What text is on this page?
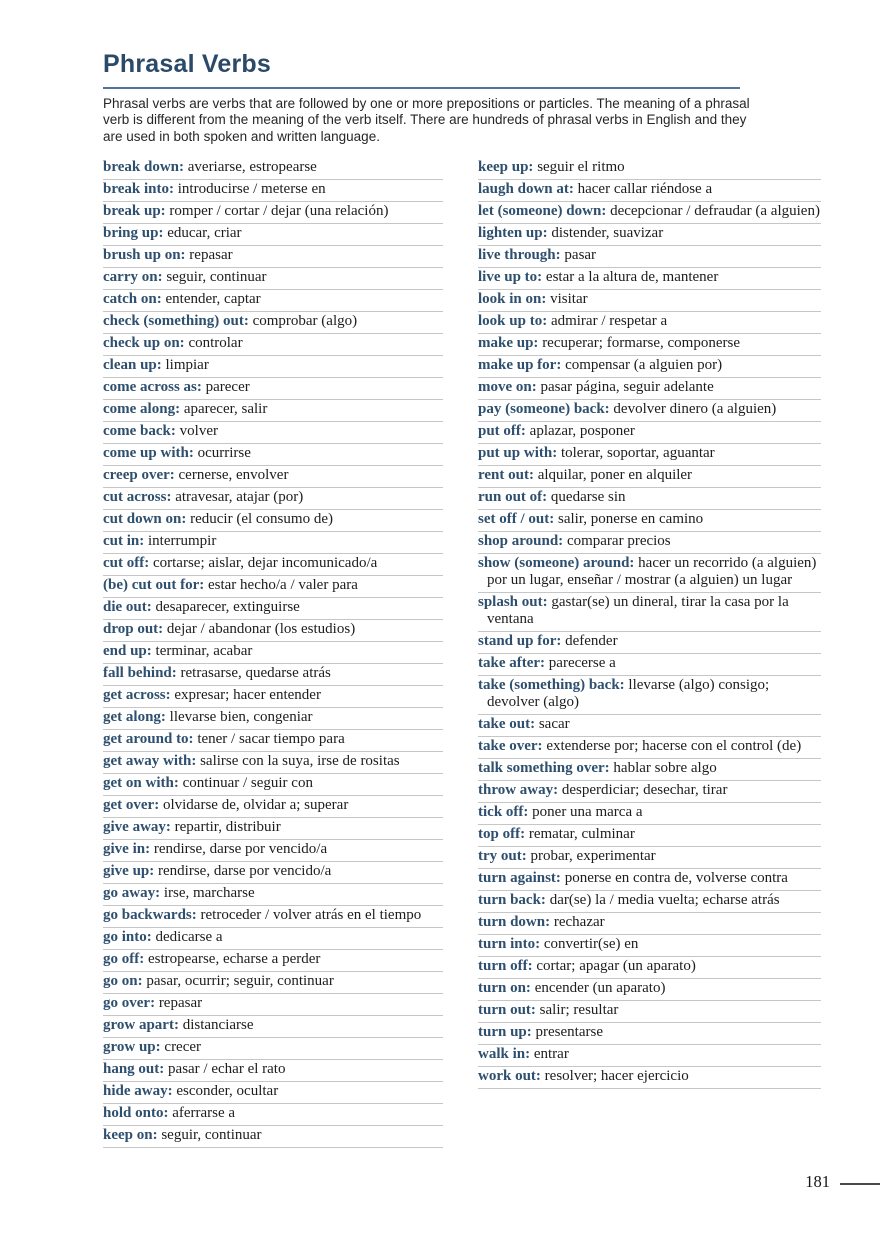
Phrasal Verbs

Phrasal verbs are verbs that are followed by one or more prepositions or particles. The meaning of a phrasal verb is different from the meaning of the verb itself. There are hundreds of phrasal verbs in English and they are used in both spoken and written language.

break down: averiarse, estropearse
break into: introducirse / meterse en
break up: romper / cortar / dejar (una relación)
bring up: educar, criar
brush up on: repasar
carry on: seguir, continuar
catch on: entender, captar
check (something) out: comprobar (algo)
check up on: controlar
clean up: limpiar
come across as: parecer
come along: aparecer, salir
come back: volver
come up with: ocurrirse
creep over: cernerse, envolver
cut across: atravesar, atajar (por)
cut down on: reducir (el consumo de)
cut in: interrumpir
cut off: cortarse; aislar, dejar incomunicado/a
(be) cut out for: estar hecho/a / valer para
die out: desaparecer, extinguirse
drop out: dejar / abandonar (los estudios)
end up: terminar, acabar
fall behind: retrasarse, quedarse atrás
get across: expresar; hacer entender
get along: llevarse bien, congeniar
get around to: tener / sacar tiempo para
get away with: salirse con la suya, irse de rositas
get on with: continuar / seguir con
get over: olvidarse de, olvidar a; superar
give away: repartir, distribuir
give in: rendirse, darse por vencido/a
give up: rendirse, darse por vencido/a
go away: irse, marcharse
go backwards: retroceder / volver atrás en el tiempo
go into: dedicarse a
go off: estropearse, echarse a perder
go on: pasar, ocurrir; seguir, continuar
go over: repasar
grow apart: distanciarse
grow up: crecer
hang out: pasar / echar el rato
hide away: esconder, ocultar
hold onto: aferrarse a
keep on: seguir, continuar
keep up: seguir el ritmo
laugh down at: hacer callar riéndose a
let (someone) down: decepcionar / defraudar (a alguien)
lighten up: distender, suavizar
live through: pasar
live up to: estar a la altura de, mantener
look in on: visitar
look up to: admirar / respetar a
make up: recuperar; formarse, componerse
make up for: compensar (a alguien por)
move on: pasar página, seguir adelante
pay (someone) back: devolver dinero (a alguien)
put off: aplazar, posponer
put up with: tolerar, soportar, aguantar
rent out: alquilar, poner en alquiler
run out of: quedarse sin
set off / out: salir, ponerse en camino
shop around: comparar precios
show (someone) around: hacer un recorrido (a alguien) por un lugar, enseñar / mostrar (a alguien) un lugar
splash out: gastar(se) un dineral, tirar la casa por la ventana
stand up for: defender
take after: parecerse a
take (something) back: llevarse (algo) consigo; devolver (algo)
take out: sacar
take over: extenderse por; hacerse con el control (de)
talk something over: hablar sobre algo
throw away: desperdiciar; desechar, tirar
tick off: poner una marca a
top off: rematar, culminar
try out: probar, experimentar
turn against: ponerse en contra de, volverse contra
turn back: dar(se) la / media vuelta; echarse atrás
turn down: rechazar
turn into: convertir(se) en
turn off: cortar; apagar (un aparato)
turn on: encender (un aparato)
turn out: salir; resultar
turn up: presentarse
walk in: entrar
work out: resolver; hacer ejercicio
181
